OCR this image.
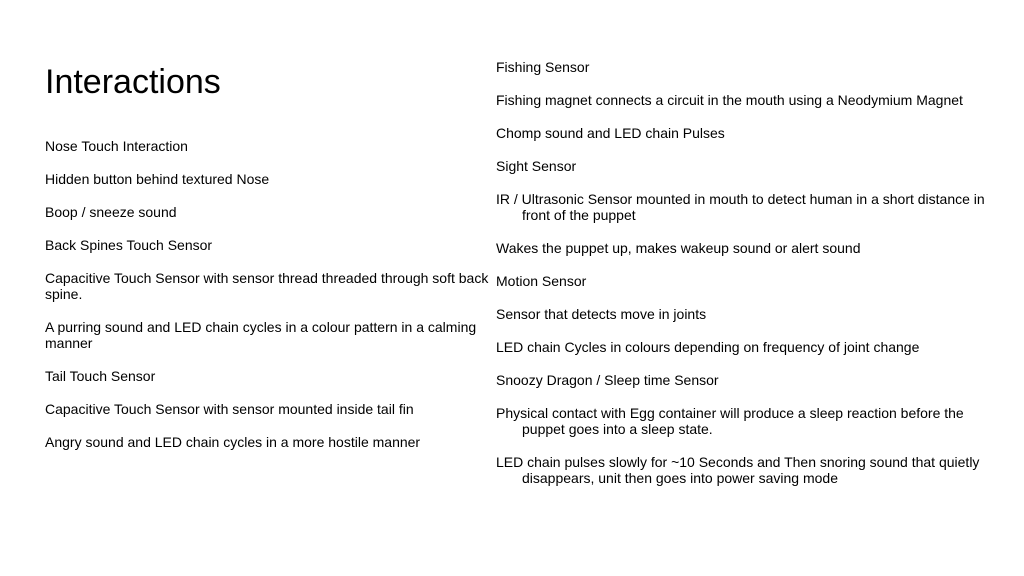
Interactions
Nose Touch Interaction
Hidden button behind textured Nose
Boop / sneeze sound
Back Spines Touch Sensor
Capacitive Touch Sensor with sensor thread threaded through soft back spine.
A purring sound and LED chain cycles in a colour pattern in a calming manner
Tail Touch Sensor
Capacitive Touch Sensor with sensor mounted inside tail fin
Angry sound and LED chain cycles in a more hostile manner
Fishing Sensor
Fishing magnet connects a circuit in the mouth using a Neodymium Magnet
Chomp sound and LED chain Pulses
Sight Sensor
IR / Ultrasonic Sensor mounted in mouth to detect human in a short distance in front of the puppet
Wakes the puppet up, makes wakeup sound or alert sound
Motion Sensor
Sensor that detects move in joints
LED chain Cycles in colours depending on frequency of joint change
Snoozy Dragon / Sleep time Sensor
Physical contact with Egg container will produce a sleep reaction before the puppet goes into a sleep state.
LED chain pulses slowly for ~10 Seconds and Then snoring sound that quietly disappears, unit then goes into power saving mode
